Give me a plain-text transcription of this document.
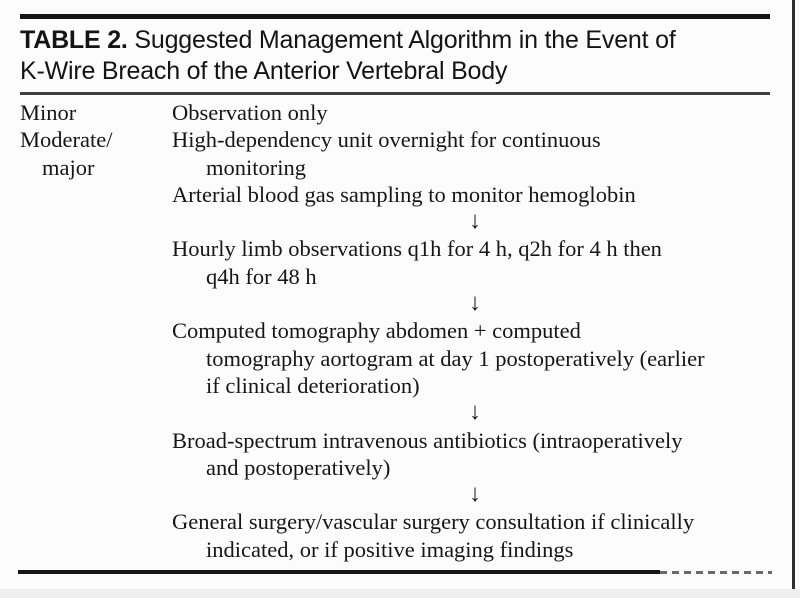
TABLE 2. Suggested Management Algorithm in the Event of
K-Wire Breach of the Anterior Vertebral Body
Minor
Moderate/
major
Observation only
High-dependency unit overnight for continuous
monitoring
Arterial blood gas sampling to monitor hemoglobin
↓
Hourly limb observations q1h for 4 h, q2h for 4 h then
q4h for 48 h
↓
Computed tomography abdomen + computed
tomography aortogram at day 1 postoperatively (earlier
if clinical deterioration)
↓
Broad-spectrum intravenous antibiotics (intraoperatively
and postoperatively)
↓
General surgery/vascular surgery consultation if clinically
indicated, or if positive imaging findings
